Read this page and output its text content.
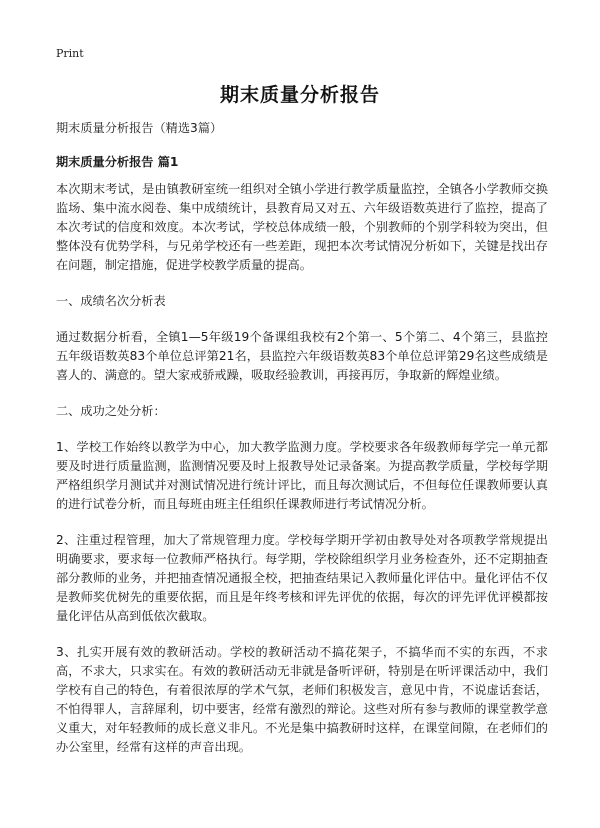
Print
期末质量分析报告

期末质量分析报告（精选3篇）

期末质量分析报告 篇1

本次期末考试，是由镇教研室统一组织对全镇小学进行教学质量监控，全镇各小学教师交换监场、集中流水阅卷、集中成绩统计，县教育局又对五、六年级语数英进行了监控，提高了本次考试的信度和效度。本次考试，学校总体成绩一般，个别教师的个别学科较为突出，但整体没有优势学科，与兄弟学校还有一些差距，现把本次考试情况分析如下，关键是找出存在问题，制定措施，促进学校教学质量的提高。

一、成绩名次分析表

通过数据分析看，全镇1—5年级19个备课组我校有2个第一、5个第二、4个第三，县监控五年级语数英83个单位总评第21名，县监控六年级语数英83个单位总评第29名这些成绩是喜人的、满意的。望大家戒骄戒躁，吸取经验教训，再接再厉，争取新的辉煌业绩。

二、成功之处分析：

1、学校工作始终以教学为中心，加大教学监测力度。学校要求各年级教师每学完一单元都要及时进行质量监测，监测情况要及时上报教导处记录备案。为提高教学质量，学校每学期严格组织学月测试并对测试情况进行统计评比，而且每次测试后，不但每位任课教师要认真的进行试卷分析，而且每班由班主任组织任课教师进行考试情况分析。

2、注重过程管理，加大了常规管理力度。学校每学期开学初由教导处对各项教学常规提出明确要求，要求每一位教师严格执行。每学期，学校除组织学月业务检查外，还不定期抽查部分教师的业务，并把抽查情况通报全校，把抽查结果记入教师量化评估中。量化评估不仅是教师奖优树先的重要依据，而且是年终考核和评先评优的依据，每次的评先评优评模都按量化评估从高到低依次截取。

3、扎实开展有效的教研活动。学校的教研活动不搞花架子，不搞华而不实的东西，不求高，不求大，只求实在。有效的教研活动无非就是备听评研，特别是在听评课活动中，我们学校有自己的特色，有着很浓厚的学术气氛，老师们积极发言，意见中肯，不说虚话套话，不怕得罪人，言辞犀利，切中要害，经常有激烈的辩论。这些对所有参与教师的课堂教学意义重大，对年轻教师的成长意义非凡。不光是集中搞教研时这样，在课堂间隙，在老师们的办公室里，经常有这样的声音出现。
